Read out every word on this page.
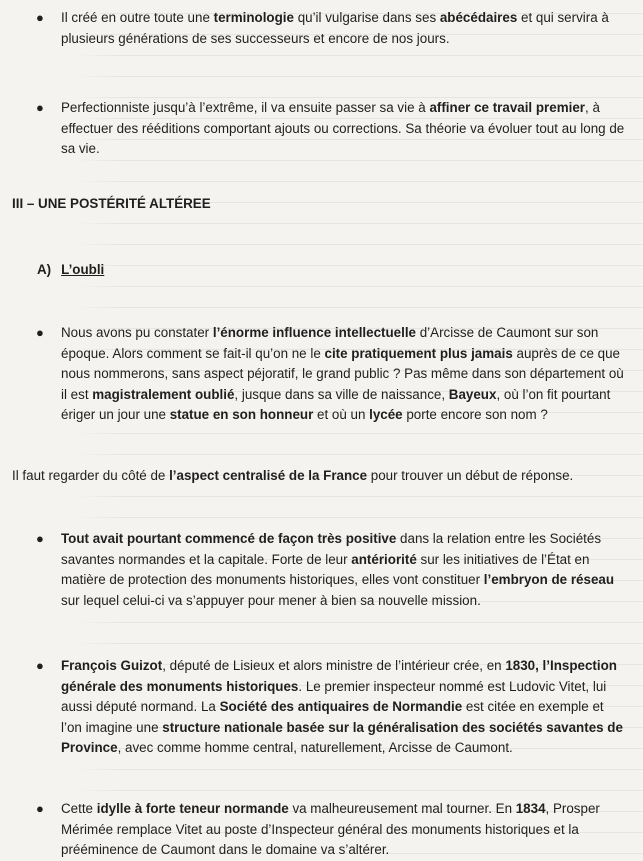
● Il créé en outre toute une terminologie qu’il vulgarise dans ses abécédaires et qui servira à plusieurs générations de ses successeurs et encore de nos jours.
● Perfectionniste jusqu’à l’extrême, il va ensuite passer sa vie à affiner ce travail premier, à effectuer des rééditions comportant ajouts ou corrections. Sa théorie va évoluer tout au long de sa vie.
III – UNE POSTÉRITÉ ALTÉREE
A) L’oubli
● Nous avons pu constater l’énorme influence intellectuelle d’Arcisse de Caumont sur son époque. Alors comment se fait-il qu’on ne le cite pratiquement plus jamais auprès de ce que nous nommerons, sans aspect péjoratif, le grand public ? Pas même dans son département où il est magistralement oublié, jusque dans sa ville de naissance, Bayeux, où l’on fit pourtant ériger un jour une statue en son honneur et où un lycée porte encore son nom ?
Il faut regarder du côté de l’aspect centralisé de la France pour trouver un début de réponse.
● Tout avait pourtant commencé de façon très positive dans la relation entre les Sociétés savantes normandes et la capitale. Forte de leur antériorité sur les initiatives de l’État en matière de protection des monuments historiques, elles vont constituer l’embryon de réseau sur lequel celui-ci va s’appuyer pour mener à bien sa nouvelle mission.
● François Guizot, député de Lisieux et alors ministre de l’intérieur crée, en 1830, l’Inspection générale des monuments historiques. Le premier inspecteur nommé est Ludovic Vitet, lui aussi député normand. La Société des antiquaires de Normandie est citée en exemple et l’on imagine une structure nationale basée sur la généralisation des sociétés savantes de Province, avec comme homme central, naturellement, Arcisse de Caumont.
● Cette idylle à forte teneur normande va malheureusement mal tourner. En 1834, Prosper Mérimée remplace Vitet au poste d’Inspecteur général des monuments historiques et la prééminence de Caumont dans le domaine va s’altérer.
